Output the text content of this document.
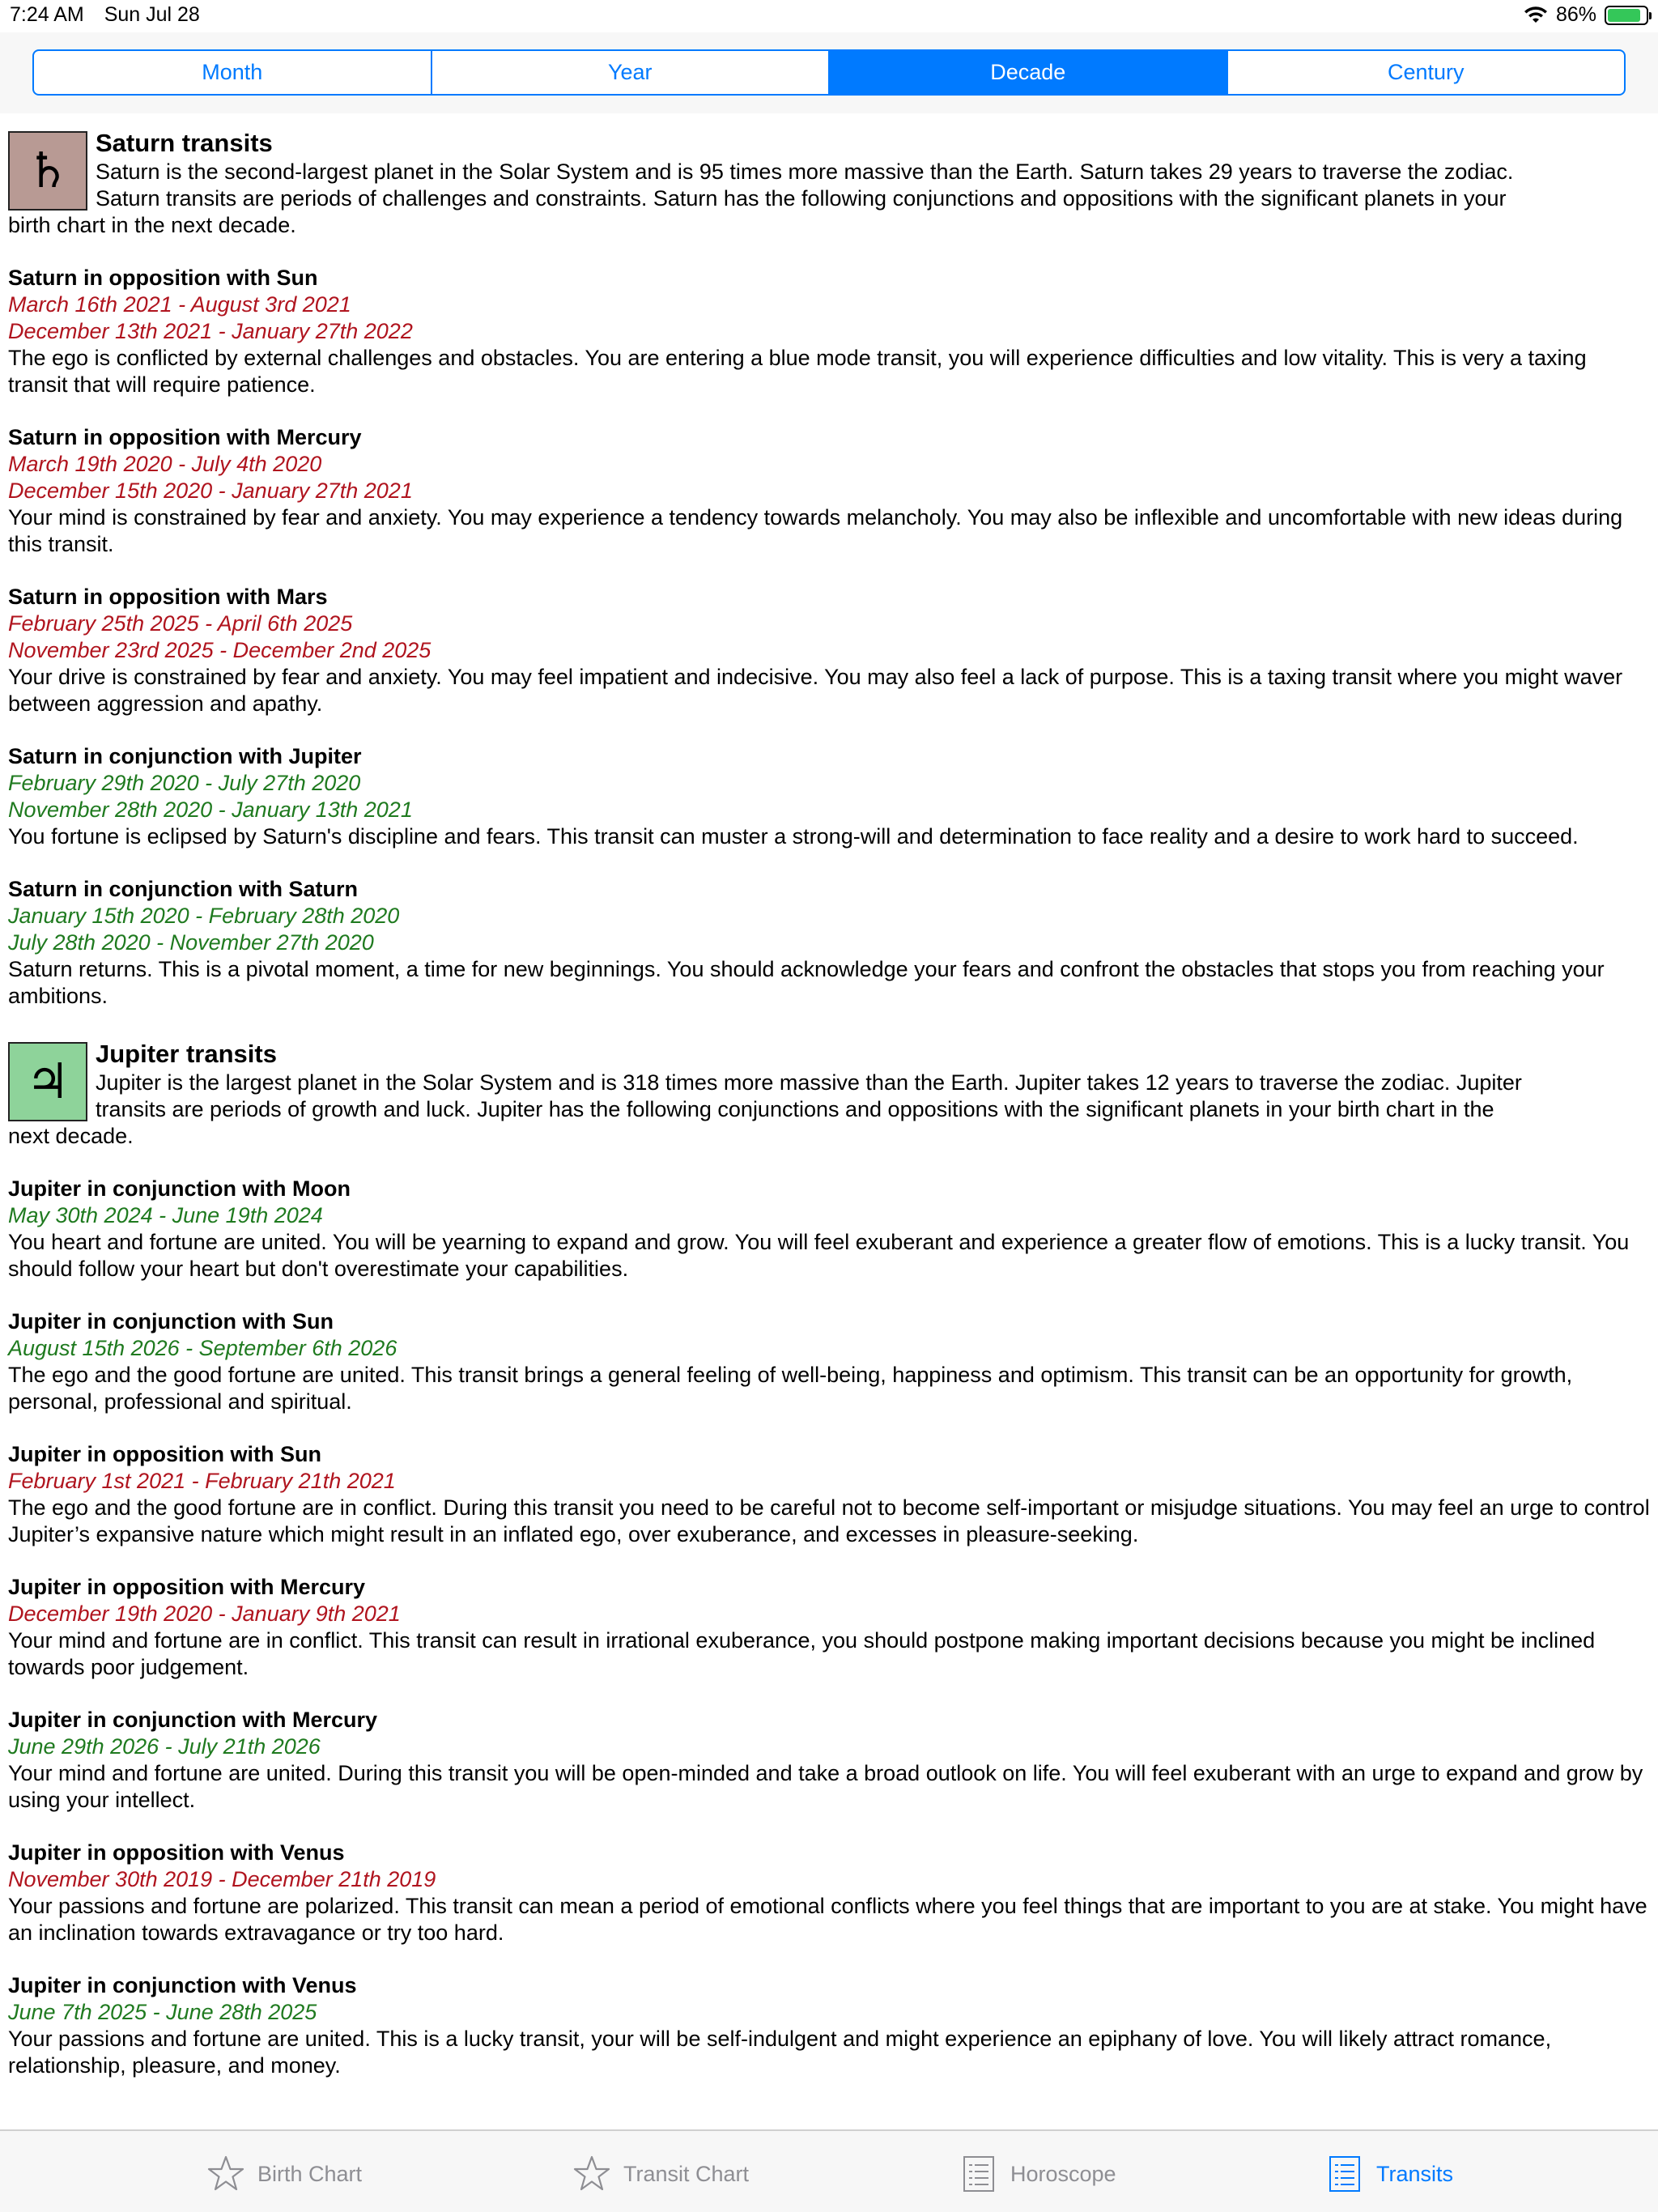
7:24 AM Sun Jul 28	86%
Month	Year	Decade	Century
♄	Saturn transits
Saturn is the second-largest planet in the Solar System and is 95 times more massive than the Earth. Saturn takes 29 years to traverse the zodiac.
Saturn transits are periods of challenges and constraints. Saturn has the following conjunctions and oppositions with the significant planets in your
birth chart in the next decade.
Saturn in opposition with Sun
March 16th 2021 - August 3rd 2021
December 13th 2021 - January 27th 2022
The ego is conflicted by external challenges and obstacles. You are entering a blue mode transit, you will experience difficulties and low vitality. This is very a taxing transit that will require patience.
Saturn in opposition with Mercury
March 19th 2020 - July 4th 2020
December 15th 2020 - January 27th 2021
Your mind is constrained by fear and anxiety. You may experience a tendency towards melancholy. You may also be inflexible and uncomfortable with new ideas during this transit.
Saturn in opposition with Mars
February 25th 2025 - April 6th 2025
November 23rd 2025 - December 2nd 2025
Your drive is constrained by fear and anxiety. You may feel impatient and indecisive. You may also feel a lack of purpose. This is a taxing transit where you might waver between aggression and apathy.
Saturn in conjunction with Jupiter
February 29th 2020 - July 27th 2020
November 28th 2020 - January 13th 2021
You fortune is eclipsed by Saturn's discipline and fears. This transit can muster a strong-will and determination to face reality and a desire to work hard to succeed.
Saturn in conjunction with Saturn
January 15th 2020 - February 28th 2020
July 28th 2020 - November 27th 2020
Saturn returns. This is a pivotal moment, a time for new beginnings. You should acknowledge your fears and confront the obstacles that stops you from reaching your ambitions.
♃	Jupiter transits
Jupiter is the largest planet in the Solar System and is 318 times more massive than the Earth. Jupiter takes 12 years to traverse the zodiac. Jupiter
transits are periods of growth and luck. Jupiter has the following conjunctions and oppositions with the significant planets in your birth chart in the
next decade.
Jupiter in conjunction with Moon
May 30th 2024 - June 19th 2024
You heart and fortune are united. You will be yearning to expand and grow. You will feel exuberant and experience a greater flow of emotions. This is a lucky transit. You should follow your heart but don't overestimate your capabilities.
Jupiter in conjunction with Sun
August 15th 2026 - September 6th 2026
The ego and the good fortune are united. This transit brings a general feeling of well-being, happiness and optimism. This transit can be an opportunity for growth, personal, professional and spiritual.
Jupiter in opposition with Sun
February 1st 2021 - February 21th 2021
The ego and the good fortune are in conflict. During this transit you need to be careful not to become self-important or misjudge situations. You may feel an urge to control Jupiter’s expansive nature which might result in an inflated ego, over exuberance, and excesses in pleasure-seeking.
Jupiter in opposition with Mercury
December 19th 2020 - January 9th 2021
Your mind and fortune are in conflict. This transit can result in irrational exuberance, you should postpone making important decisions because you might be inclined towards poor judgement.
Jupiter in conjunction with Mercury
June 29th 2026 - July 21th 2026
Your mind and fortune are united. During this transit you will be open-minded and take a broad outlook on life. You will feel exuberant with an urge to expand and grow by using your intellect.
Jupiter in opposition with Venus
November 30th 2019 - December 21th 2019
Your passions and fortune are polarized. This transit can mean a period of emotional conflicts where you feel things that are important to you are at stake. You might have an inclination towards extravagance or try too hard.
Jupiter in conjunction with Venus
June 7th 2025 - June 28th 2025
Your passions and fortune are united. This is a lucky transit, your will be self-indulgent and might experience an epiphany of love. You will likely attract romance, relationship, pleasure, and money.
Birth Chart	Transit Chart	Horoscope	Transits
